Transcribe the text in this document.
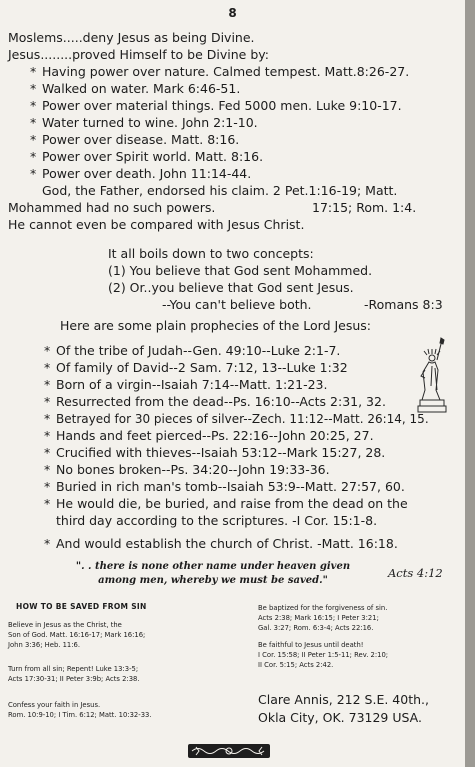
8
Moslems.....deny Jesus as being Divine.
Jesus........proved Himself to be Divine by:
* Having power over nature. Calmed tempest. Matt.8:26-27.
* Walked on water. Mark 6:46-51.
* Power over material things. Fed 5000 men. Luke 9:10-17.
* Water turned to wine. John 2:1-10.
* Power over disease. Matt. 8:16.
* Power over Spirit world. Matt. 8:16.
* Power over death. John 11:14-44.
God, the Father, endorsed his claim. 2 Pet.1:16-19; Matt.
Mohammed had no such powers.	17:15; Rom. 1:4.
He cannot even be compared with Jesus Christ.
It all boils down to two concepts:
(1) You believe that God sent Mohammed.
(2) Or..you believe that God sent Jesus.
--You can't believe both.	-Romans 8:3
Here are some plain prophecies of the Lord Jesus:
* Of the tribe of Judah--Gen. 49:10--Luke 2:1-7.
* Of family of David--2 Sam. 7:12, 13--Luke 1:32
* Born of a virgin--Isaiah 7:14--Matt. 1:21-23.
* Resurrected from the dead--Ps. 16:10--Acts 2:31, 32.
* Betrayed for 30 pieces of silver--Zech. 11:12--Matt. 26:14, 15.
* Hands and feet pierced--Ps. 22:16--John 20:25, 27.
* Crucified with thieves--Isaiah 53:12--Mark 15:27, 28.
* No bones broken--Ps. 34:20--John 19:33-36.
* Buried in rich man's tomb--Isaiah 53:9--Matt. 27:57, 60.
* He would die, be buried, and raise from the dead on the
third day according to the scriptures. -I Cor. 15:1-8.
* And would establish the church of Christ. -Matt. 16:18.
". . there is none other name under heaven given
among men, whereby we must be saved."
Acts 4:12
HOW TO BE SAVED FROM SIN
Believe in Jesus as the Christ, the
Son of God. Matt. 16:16-17; Mark 16:16;
John 3:36; Heb. 11:6.
Turn from all sin; Repent! Luke 13:3-5;
Acts 17:30-31; II Peter 3:9b; Acts 2:38.
Confess your faith in Jesus.
Rom. 10:9-10; I Tim. 6:12; Matt. 10:32-33.
Be baptized for the forgiveness of sin.
Acts 2:38; Mark 16:15; I Peter 3:21;
Gal. 3:27; Rom. 6:3-4; Acts 22:16.
Be faithful to Jesus until death!
I Cor. 15:58; II Peter 1:5-11; Rev. 2:10;
II Cor. 5:15; Acts 2:42.
Clare Annis, 212 S.E. 40th.,
Okla City, OK. 73129 USA.
